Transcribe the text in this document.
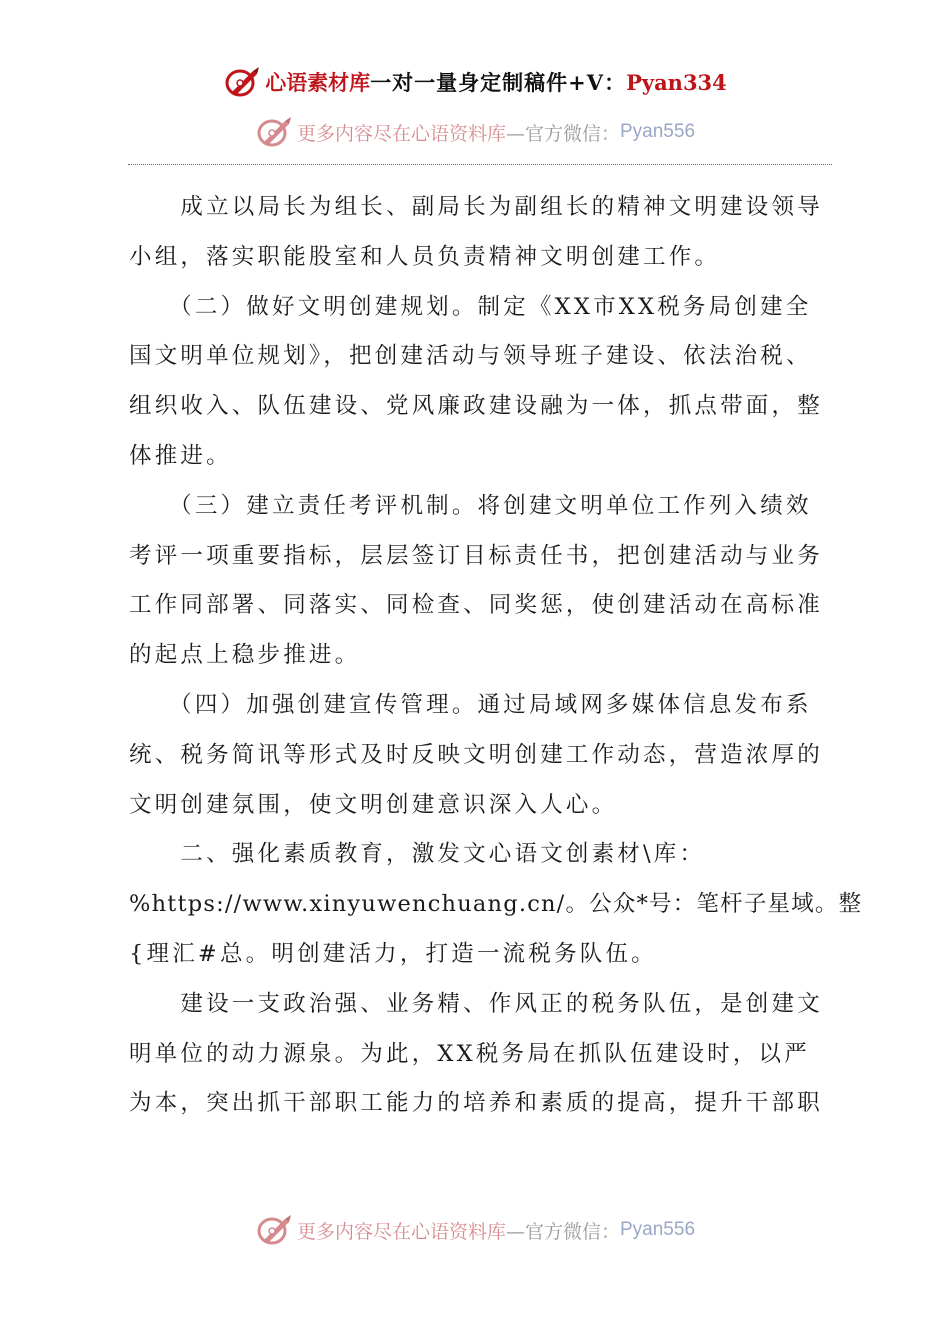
心语素材库 一对一量身定制稿件+V： Pyan334
更多内容尽在心语资料库 —官方微信： Pyan556
　　成立以局长为组长、副局长为副组长的精神文明建设领导
小组，落实职能股室和人员负责精神文明创建工作。
　　（二）做好文明创建规划。制定《XX市XX税务局创建全
国文明单位规划》，把创建活动与领导班子建设、依法治税、
组织收入、队伍建设、党风廉政建设融为一体，抓点带面，整
体推进。
　　（三）建立责任考评机制。将创建文明单位工作列入绩效
考评一项重要指标，层层签订目标责任书，把创建活动与业务
工作同部署、同落实、同检查、同奖惩，使创建活动在高标准
的起点上稳步推进。
　　（四）加强创建宣传管理。通过局域网多媒体信息发布系
统、税务简讯等形式及时反映文明创建工作动态，营造浓厚的
文明创建氛围，使文明创建意识深入人心。
　　二、强化素质教育，激发文心语文创素材\库：
%https://www.xinyuwenchuang.cn/。公众*号：笔杆子星域。整
{理汇#总。明创建活力，打造一流税务队伍。
　　建设一支政治强、业务精、作风正的税务队伍，是创建文
明单位的动力源泉。为此，XX税务局在抓队伍建设时，以严
为本，突出抓干部职工能力的培养和素质的提高，提升干部职
更多内容尽在心语资料库 —官方微信： Pyan556
